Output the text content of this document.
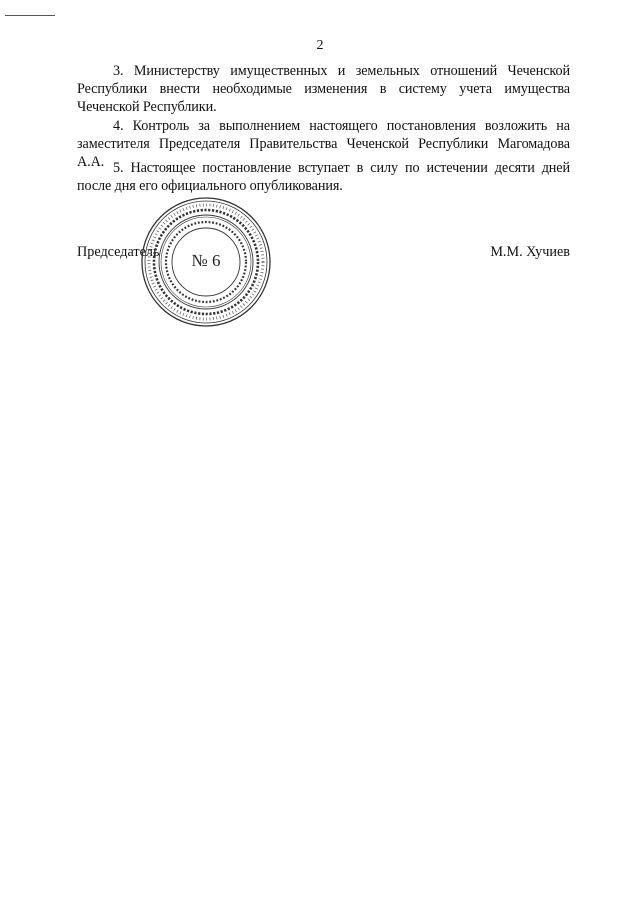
2

3. Министерству имущественных и земельных отношений Чеченской Республики внести необходимые изменения в систему учета имущества Чеченской Республики.

4. Контроль за выполнением настоящего постановления возложить на заместителя Председателя Правительства Чеченской Республики Магомадова А.А. 5. Настоящее постановление вступает в силу по истечении десяти дней после дня его официального опубликования.

Председатель	М.М. Хучиев
№ 6
